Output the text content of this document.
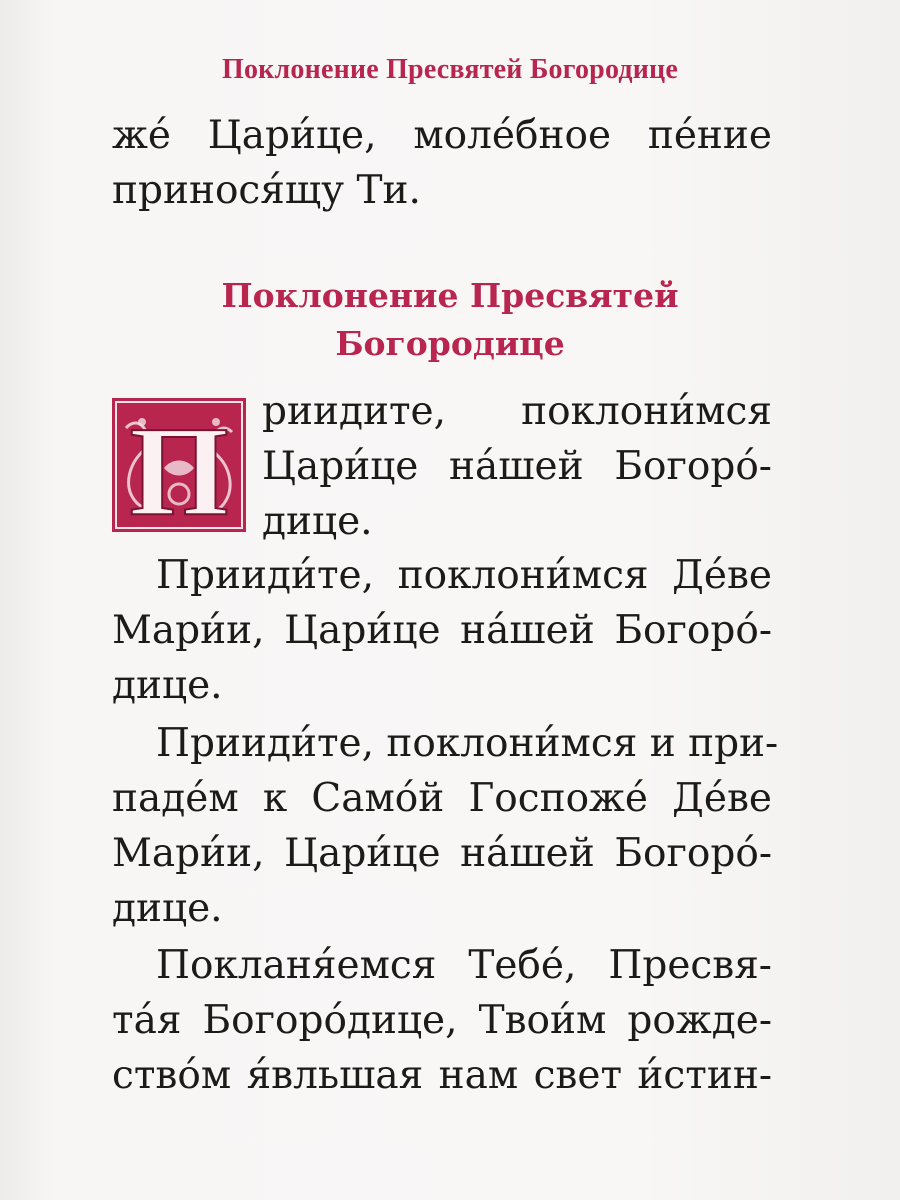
Поклонение Пресвятей Богородице
же́ Цари́це, моле́бное пе́ние
принося́щу Ти.
Поклонение Пресвятей
Богородице
П риидите, поклони́мся
Цари́це на́шей Богоро́-
дице.
Прииди́те, поклони́мся Де́ве
Мари́и, Цари́це на́шей Богоро́-
дице.
Прииди́те, поклони́мся и при-
паде́м к Само́й Госпоже́ Де́ве
Мари́и, Цари́це на́шей Богоро́-
дице.
Покланя́емся Тебе́, Пресвя-
та́я Богоро́дице, Твои́м рожде-
ство́м я́вльшая нам свет и́стин-
